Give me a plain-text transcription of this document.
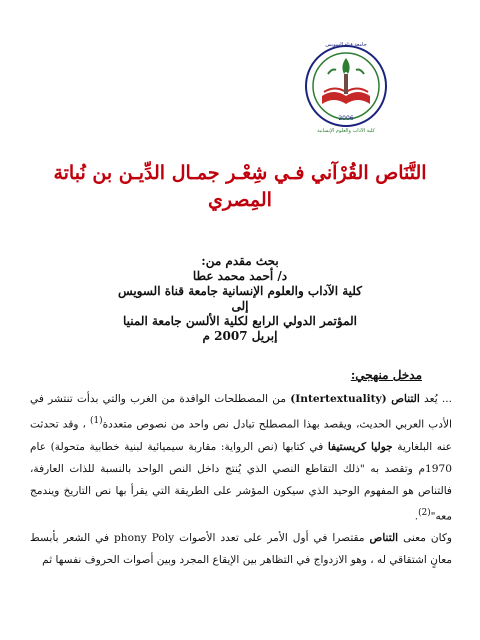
جامعة قناة السويس
2006
كلية الآداب والعلوم الإنسانية
التَّنَاص القُرْآني فـي شِعْـر جمـال الدِّيـن بن نُباتة
المِصري
بحث مقدم من:
د/ أحمد محمد عطا
كلية الآداب والعلوم الإنسانية جامعة قناة السويس
إلى
المؤتمر الدولي الرابع لكلية الألسن جامعة المنيا
إبريل 2007 م
مدخل منهجي:

... يُعد التناص (Intertextuality) من المصطلحات الوافدة من الغرب والتي بدأت تنتشر في الأدب العربي الحديث، ويقصد بهذا المصطلح تبادل نص واحد من نصوص متعددة$^{(1)}$ ، وقد تحدثت عنه البلغارية جوليا كريستيفا في كتابها (نص الرواية: مقاربة سيميائية لبنية خطابية متحولة) عام 1970م وتقصد به "ذلك التقاطع النصي الذي يُنتج داخل النص الواحد بالنسبة للذات العارفة، فالتناص هو المفهوم الوحيد الذي سيكون المؤشر على الطريقة التي يقرأ بها نص التاريخ ويندمج معه"$^{(2)}$.

وكان معنى التناص مقتصرا في أول الأمر على تعدد الأصوات phony Poly في الشعر بأبسط معانٍ اشتقاقي له ، وهو الازدواج في التظاهر بين الإيقاع المجرد وبين أصوات الحروف نفسها ثم
